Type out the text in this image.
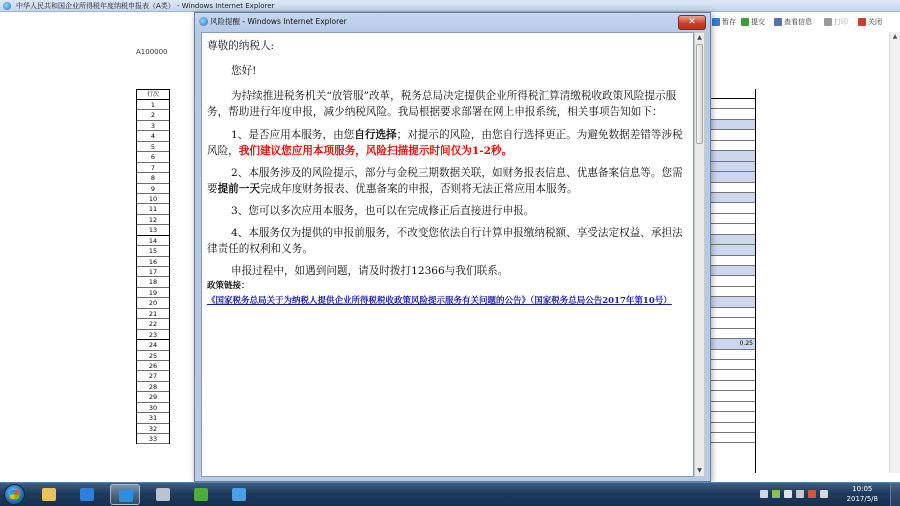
中华人民共和国企业所得税年度纳税申报表（A类） - Windows Internet Explorer
暂存	提交	查看信息	打印	关闭
A100000
行次
1
2
3
4
5
6
7
8
9
10
11
12
13
14
15
16
17
18
19
20
21
22
23
24
25
26
27
28
29
30
31
32
33
0.25
▲
风险提醒 - Windows Internet Explorer	✕

尊敬的纳税人:

您好!

为持续推进税务机关“放管服”改革，税务总局决定提供企业所得税汇算清缴税收政策风险提示服务，帮助进行年度申报，减少纳税风险。我局根据要求部署在网上申报系统，相关事项告知如下：

1、是否应用本服务，由您自行选择；对提示的风险，由您自行选择更正。为避免数据差错等涉税风险，我们建议您应用本项服务，风险扫描提示时间仅为1-2秒。

2、本服务涉及的风险提示，部分与金税三期数据关联，如财务报表信息、优惠备案信息等。您需要提前一天完成年度财务报表、优惠备案的申报，否则将无法正常应用本服务。

3、您可以多次应用本服务，也可以在完成修正后直接进行申报。

4、本服务仅为提供的申报前服务，不改变您依法自行计算申报缴纳税额、享受法定权益、承担法律责任的权利和义务。

申报过程中，如遇到问题，请及时拨打12366与我们联系。

政策链接：

《国家税务总局关于为纳税人提供企业所得税税收政策风险提示服务有关问题的公告》（国家税务总局公告2017年第10号）
▲
▼
10:05
2017/5/8
